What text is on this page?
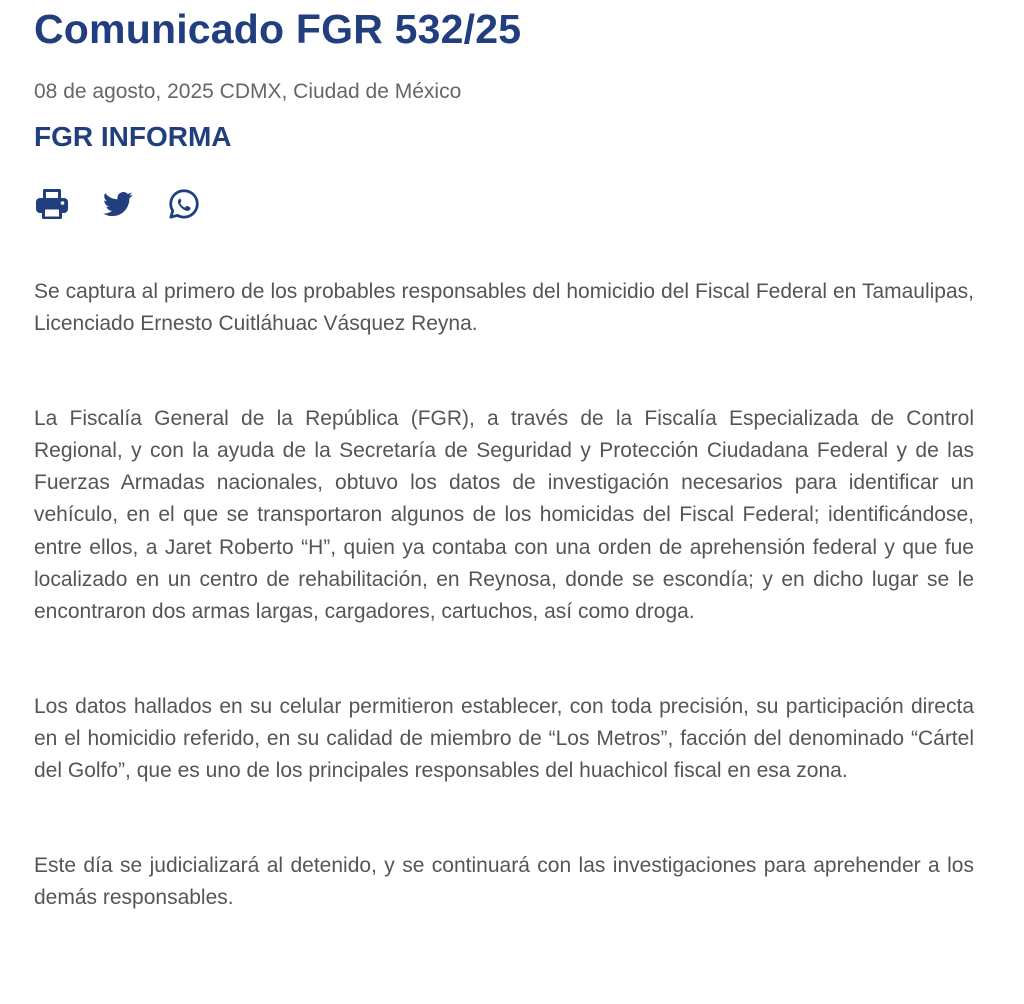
Comunicado FGR 532/25

08 de agosto, 2025 CDMX, Ciudad de México

FGR INFORMA

Se captura al primero de los probables responsables del homicidio del Fiscal Federal en Tamaulipas, Licenciado Ernesto Cuitláhuac Vásquez Reyna.

La Fiscalía General de la República (FGR), a través de la Fiscalía Especializada de Control Regional, y con la ayuda de la Secretaría de Seguridad y Protección Ciudadana Federal y de las Fuerzas Armadas nacionales, obtuvo los datos de investigación necesarios para identificar un vehículo, en el que se transportaron algunos de los homicidas del Fiscal Federal; identificándose, entre ellos, a Jaret Roberto “H”, quien ya contaba con una orden de aprehensión federal y que fue localizado en un centro de rehabilitación, en Reynosa, donde se escondía; y en dicho lugar se le encontraron dos armas largas, cargadores, cartuchos, así como droga.

Los datos hallados en su celular permitieron establecer, con toda precisión, su participación directa en el homicidio referido, en su calidad de miembro de “Los Metros”, facción del denominado “Cártel del Golfo”, que es uno de los principales responsables del huachicol fiscal en esa zona.

Este día se judicializará al detenido, y se continuará con las investigaciones para aprehender a los demás responsables.
